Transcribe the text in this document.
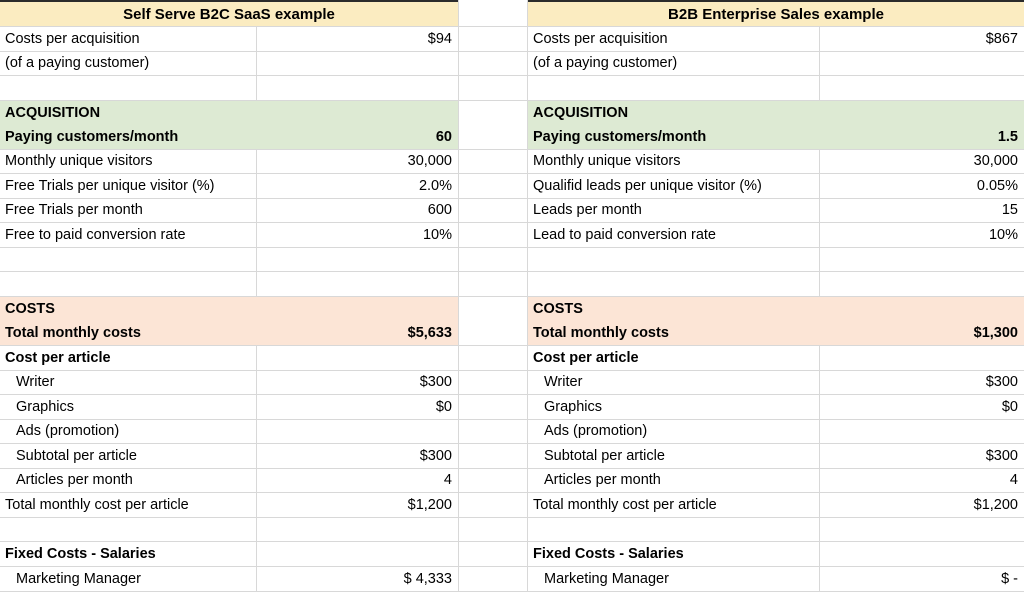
Self Serve B2C SaaS example	B2B Enterprise Sales example
Costs per acquisition	$94	Costs per acquisition	$867
(of a paying customer)	(of a paying customer)
ACQUISITION	ACQUISITION
Paying customers/month	60	Paying customers/month	1.5
Monthly unique visitors	30,000	Monthly unique visitors	30,000
Free Trials per unique visitor (%)	2.0%	Qualifid leads per unique visitor (%)	0.05%
Free Trials per month	600	Leads per month	15
Free to paid conversion rate	10%	Lead to paid conversion rate	10%
COSTS	COSTS
Total monthly costs	$5,633	Total monthly costs	$1,300
Cost per article	Cost per article
Writer	$300	Writer	$300
Graphics	$0	Graphics	$0
Ads (promotion)	Ads (promotion)
Subtotal per article	$300	Subtotal per article	$300
Articles per month	4	Articles per month	4
Total monthly cost per article	$1,200	Total monthly cost per article	$1,200
Fixed Costs - Salaries	Fixed Costs - Salaries
Marketing Manager	$ 4,333	Marketing Manager	$ -
